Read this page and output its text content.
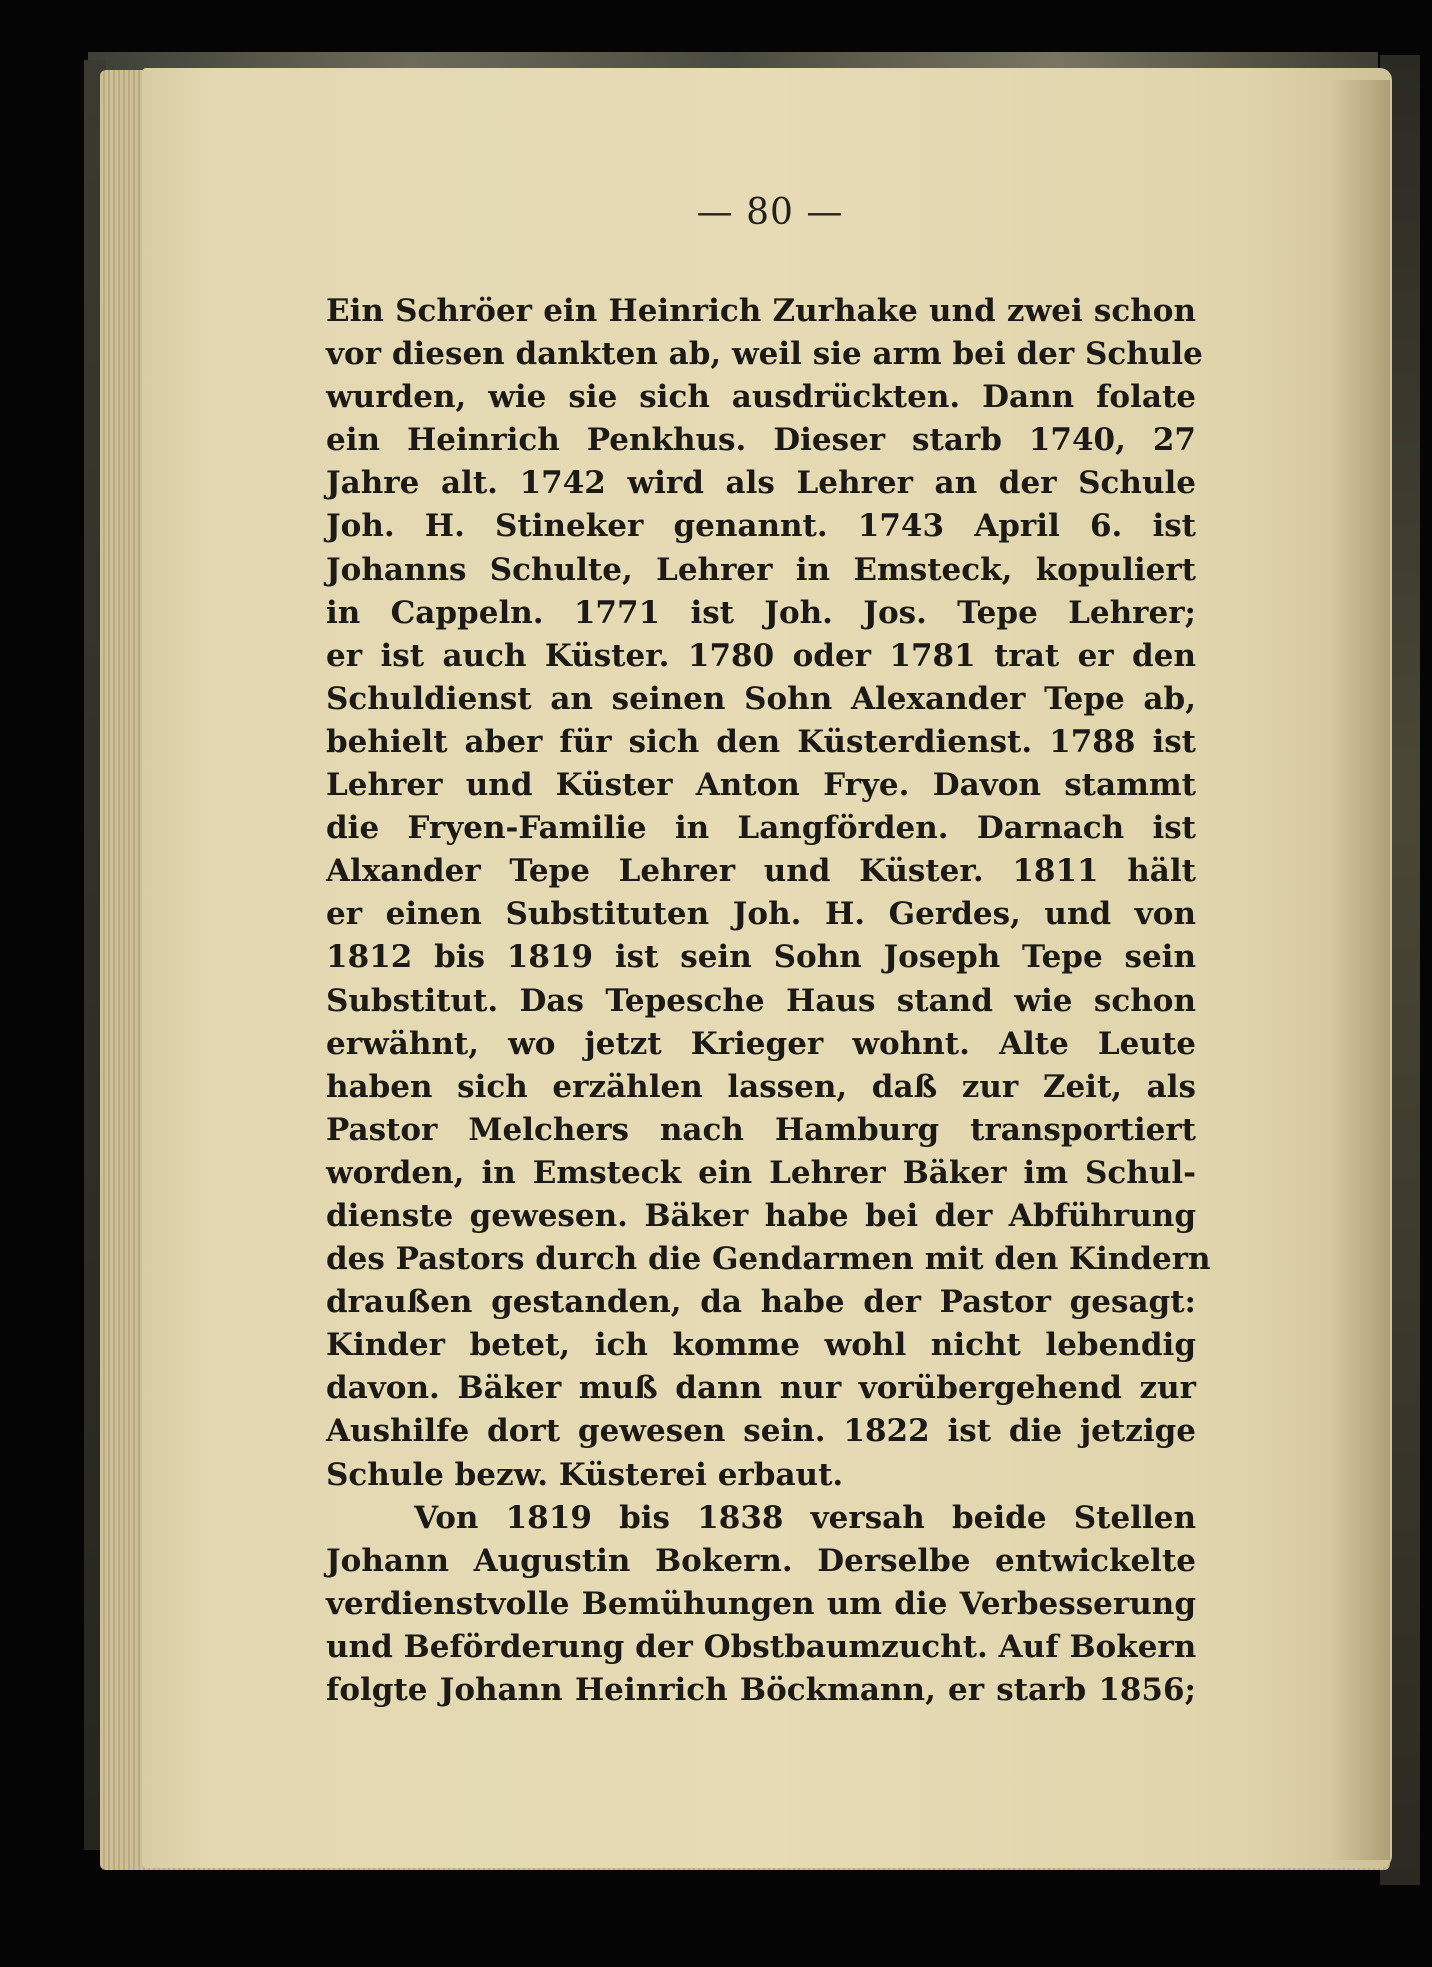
— 80 —
Ein Schröer ein Heinrich Zurhake und zwei schon
vor diesen dankten ab, weil sie arm bei der Schule
wurden, wie sie sich ausdrückten. Dann folate
ein Heinrich Penkhus. Dieser starb 1740, 27
Jahre alt. 1742 wird als Lehrer an der Schule
Joh. H. Stineker genannt. 1743 April 6. ist
Johanns Schulte, Lehrer in Emsteck, kopuliert
in Cappeln. 1771 ist Joh. Jos. Tepe Lehrer;
er ist auch Küster. 1780 oder 1781 trat er den
Schuldienst an seinen Sohn Alexander Tepe ab,
behielt aber für sich den Küsterdienst. 1788 ist
Lehrer und Küster Anton Frye. Davon stammt
die Fryen-Familie in Langförden. Darnach ist
Alxander Tepe Lehrer und Küster. 1811 hält
er einen Substituten Joh. H. Gerdes, und von
1812 bis 1819 ist sein Sohn Joseph Tepe sein
Substitut. Das Tepesche Haus stand wie schon
erwähnt, wo jetzt Krieger wohnt. Alte Leute
haben sich erzählen lassen, daß zur Zeit, als
Pastor Melchers nach Hamburg transportiert
worden, in Emsteck ein Lehrer Bäker im Schul-
dienste gewesen. Bäker habe bei der Abführung
des Pastors durch die Gendarmen mit den Kindern
draußen gestanden, da habe der Pastor gesagt:
Kinder betet, ich komme wohl nicht lebendig
davon. Bäker muß dann nur vorübergehend zur
Aushilfe dort gewesen sein. 1822 ist die jetzige
Schule bezw. Küsterei erbaut.
Von 1819 bis 1838 versah beide Stellen
Johann Augustin Bokern. Derselbe entwickelte
verdienstvolle Bemühungen um die Verbesserung
und Beförderung der Obstbaumzucht. Auf Bokern
folgte Johann Heinrich Böckmann, er starb 1856;
